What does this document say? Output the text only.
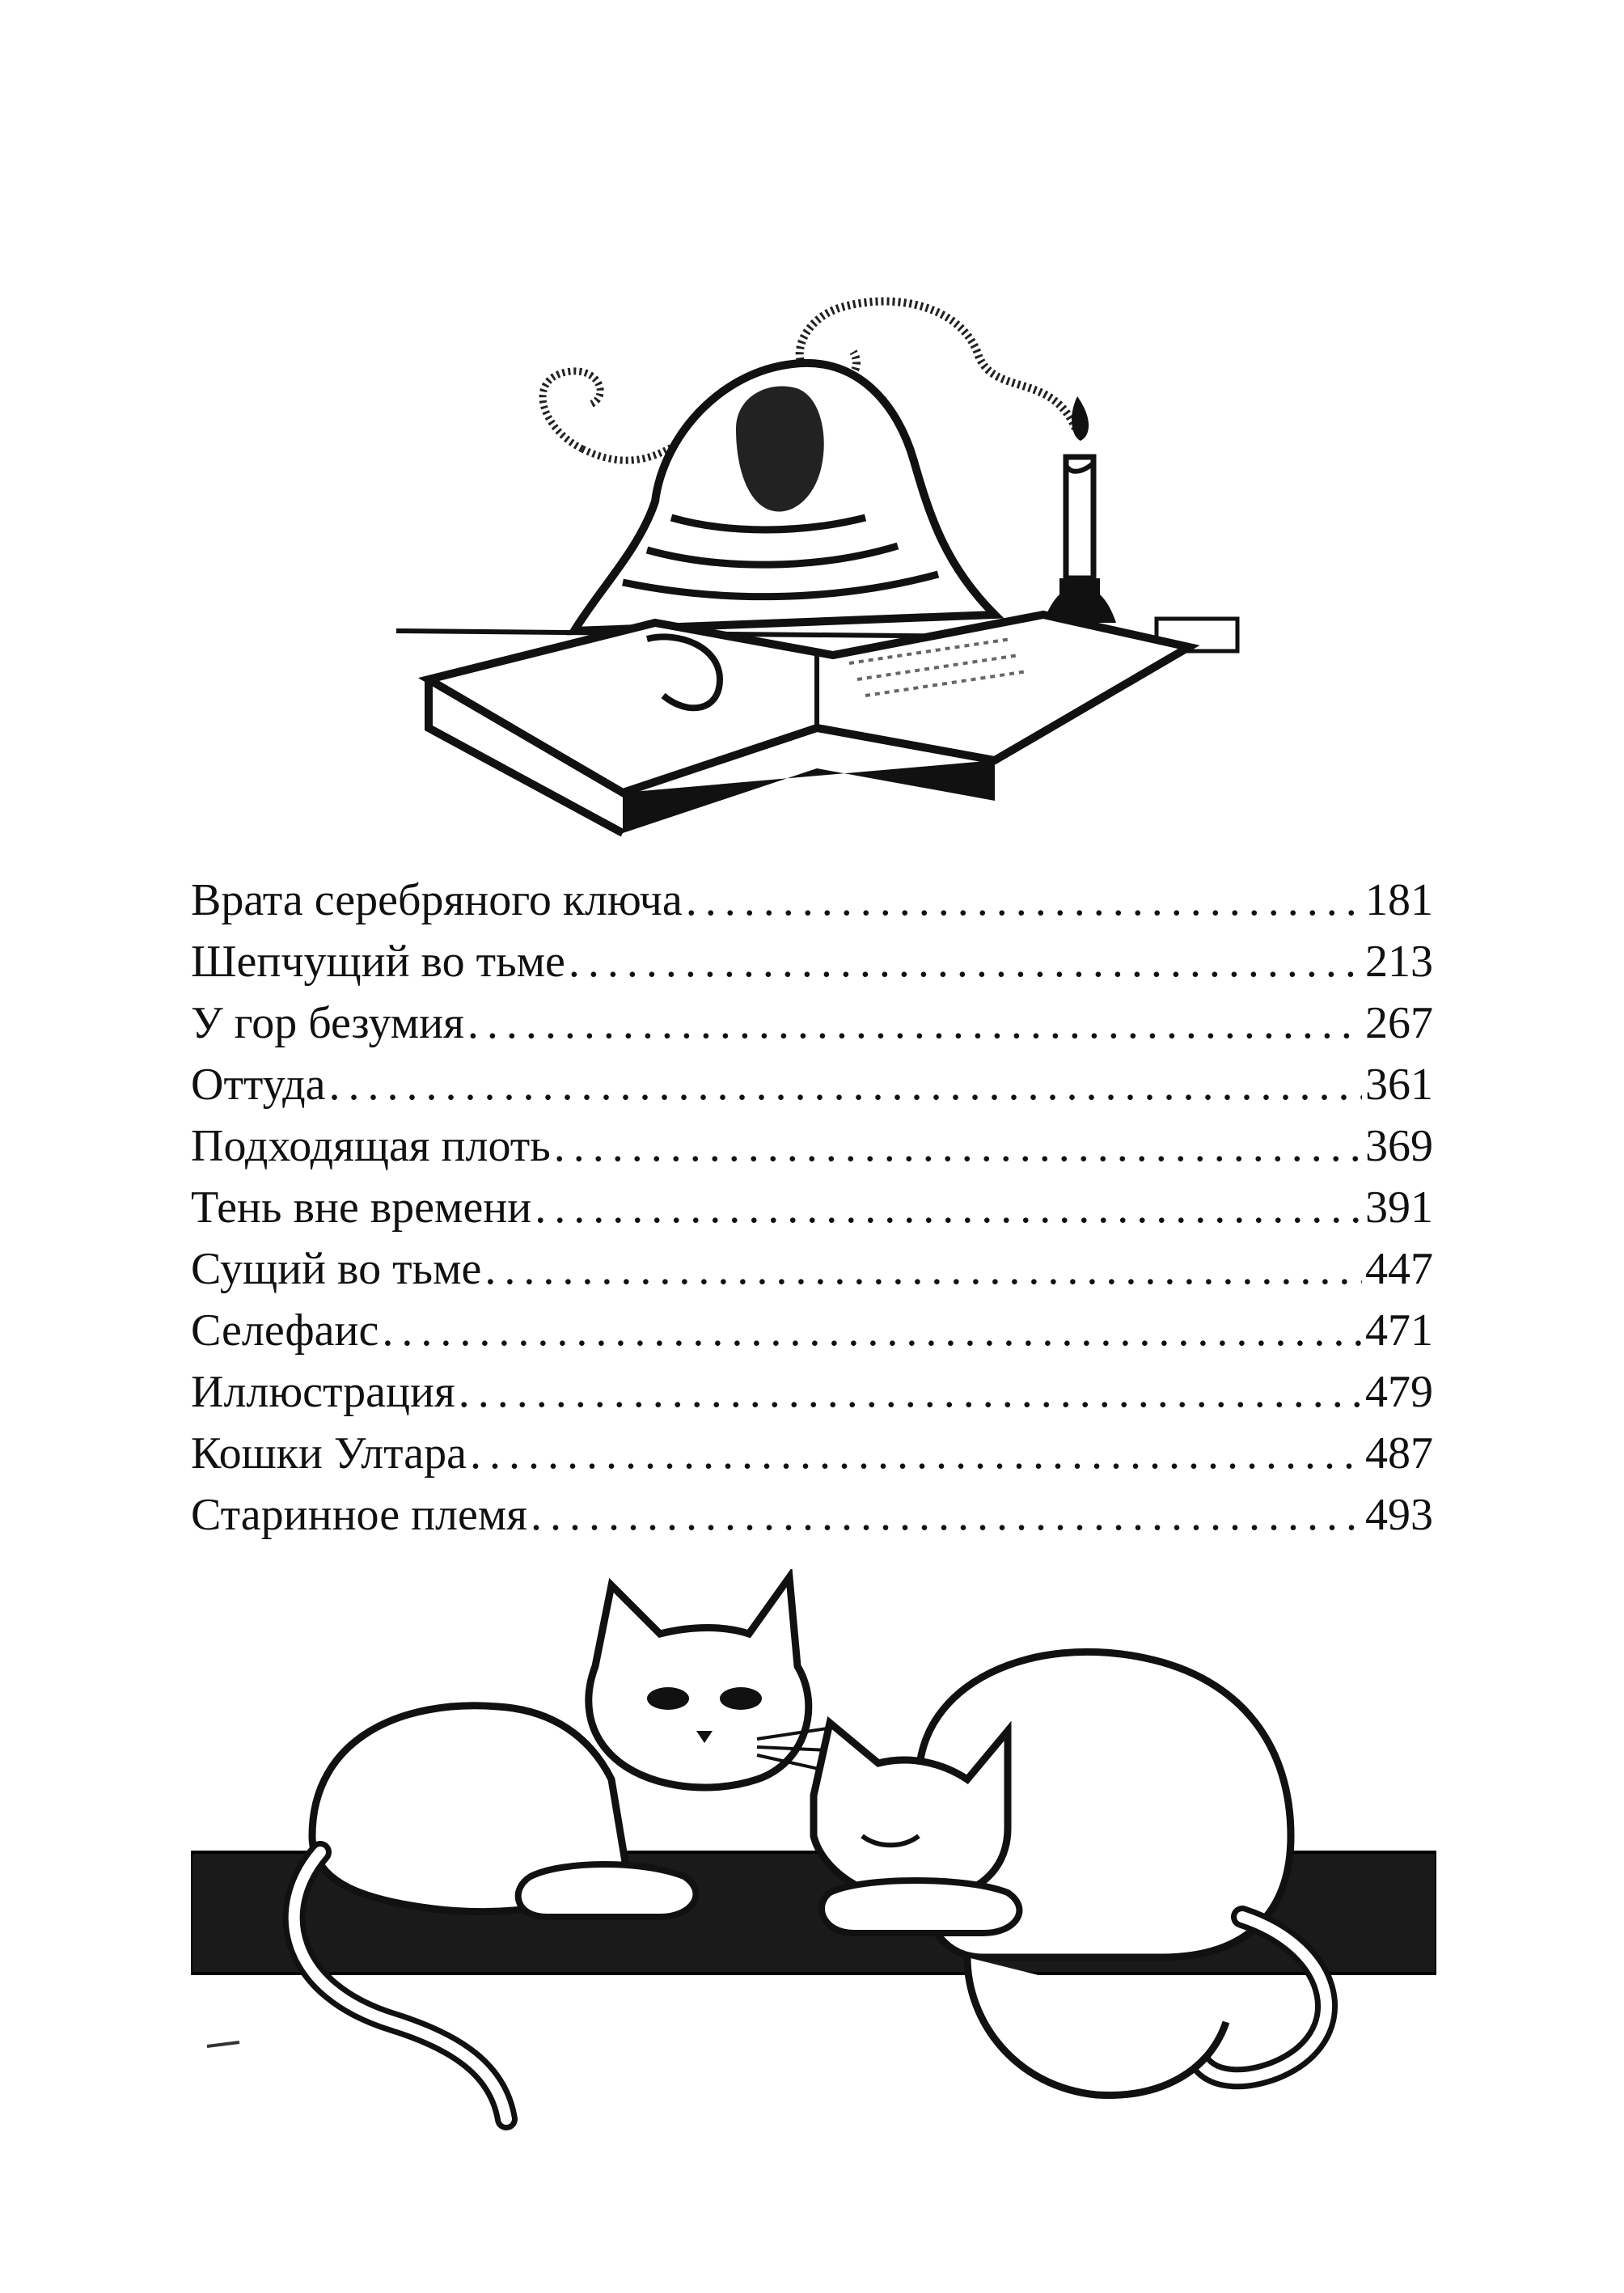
Врата серебряного ключа . . .	181
Шепчущий во тьме . . .	213
У гор безумия . . .	267
Оттуда . . .	361
Подходящая плоть . . .	369
Тень вне времени . . .	391
Сущий во тьме . . .	447
Селефаис . . .	471
Иллюстрация . . .	479
Кошки Ултара . . .	487
Старинное племя . . .	493
